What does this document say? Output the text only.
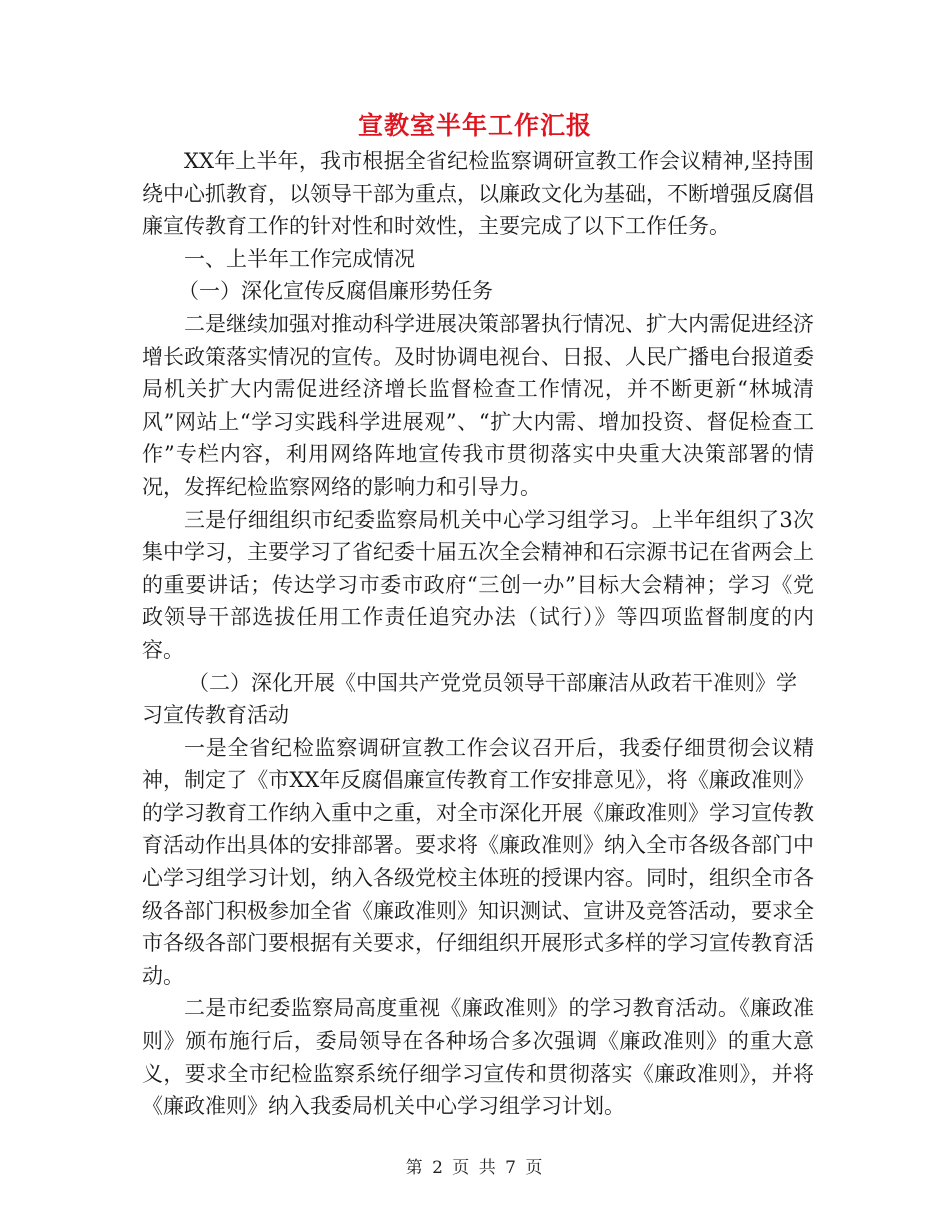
宣教室半年工作汇报

XX年上半年，我市根据全省纪检监察调研宣教工作会议精神,坚持围绕中心抓教育，以领导干部为重点，以廉政文化为基础，不断增强反腐倡廉宣传教育工作的针对性和时效性，主要完成了以下工作任务。

一、上半年工作完成情况

（一）深化宣传反腐倡廉形势任务

二是继续加强对推动科学进展决策部署执行情况、扩大内需促进经济增长政策落实情况的宣传。及时协调电视台、日报、人民广播电台报道委局机关扩大内需促进经济增长监督检查工作情况，并不断更新“林城清风”网站上“学习实践科学进展观”、“扩大内需、增加投资、督促检查工作”专栏内容，利用网络阵地宣传我市贯彻落实中央重大决策部署的情况，发挥纪检监察网络的影响力和引导力。

三是仔细组织市纪委监察局机关中心学习组学习。上半年组织了3次集中学习，主要学习了省纪委十届五次全会精神和石宗源书记在省两会上的重要讲话；传达学习市委市政府“三创一办”目标大会精神；学习《党政领导干部选拔任用工作责任追究办法（试行）》等四项监督制度的内容。

（二）深化开展《中国共产党党员领导干部廉洁从政若干准则》学习宣传教育活动

一是全省纪检监察调研宣教工作会议召开后，我委仔细贯彻会议精神，制定了《市XX年反腐倡廉宣传教育工作安排意见》，将《廉政准则》的学习教育工作纳入重中之重，对全市深化开展《廉政准则》学习宣传教育活动作出具体的安排部署。要求将《廉政准则》纳入全市各级各部门中心学习组学习计划，纳入各级党校主体班的授课内容。同时，组织全市各级各部门积极参加全省《廉政准则》知识测试、宣讲及竞答活动，要求全市各级各部门要根据有关要求，仔细组织开展形式多样的学习宣传教育活动。

二是市纪委监察局高度重视《廉政准则》的学习教育活动。《廉政准则》颁布施行后，委局领导在各种场合多次强调《廉政准则》的重大意义，要求全市纪检监察系统仔细学习宣传和贯彻落实《廉政准则》，并将《廉政准则》纳入我委局机关中心学习组学习计划。

第 2 页 共 7 页
